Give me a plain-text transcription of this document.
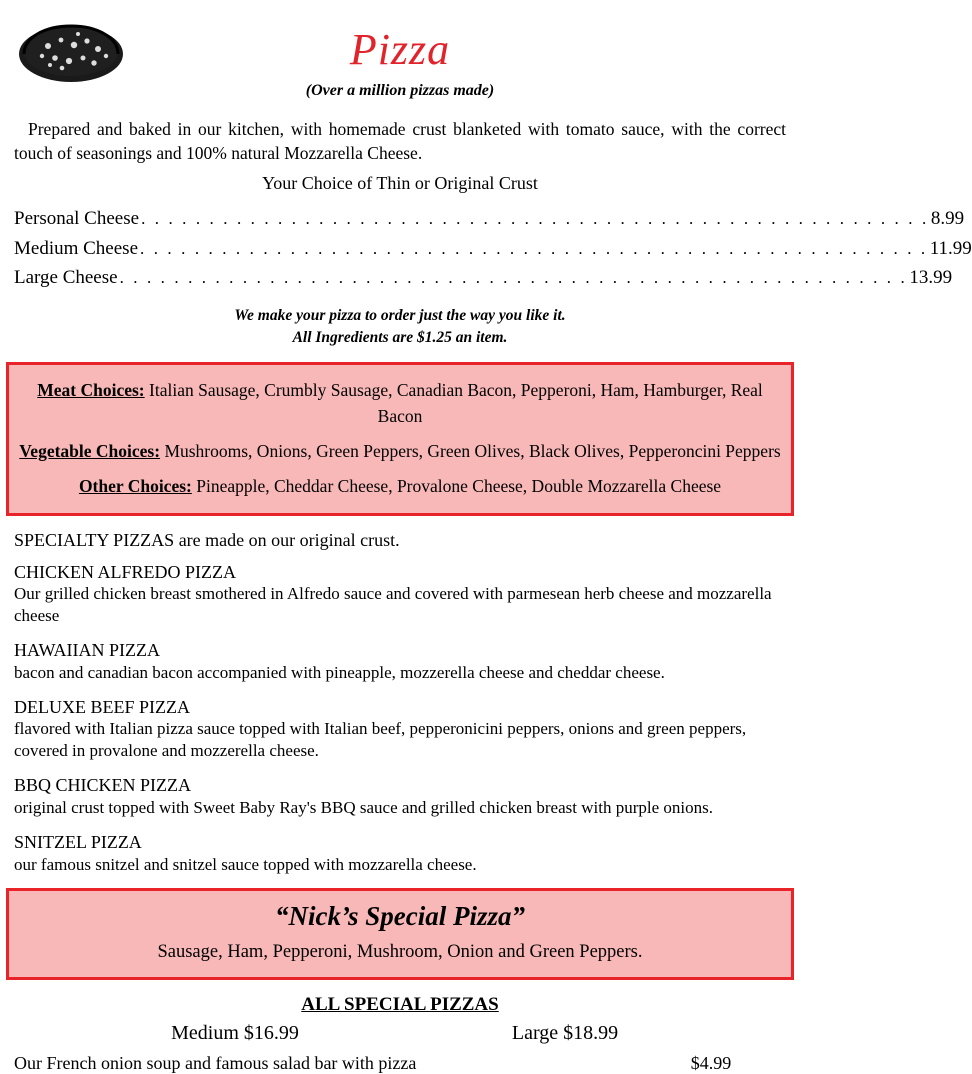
Pizza
(Over a million pizzas made)
Prepared and baked in our kitchen, with homemade crust blanketed with tomato sauce, with the correct touch of seasonings and 100% natural Mozzarella Cheese.
Your Choice of Thin or Original Crust
Personal Cheese . . . . . . . . . . . . . . . . . . . . . . . . . . . . . . . . . . . . . . . . . . . . . . . . . . . . . . . . . . 8.99
Medium Cheese . . . . . . . . . . . . . . . . . . . . . . . . . . . . . . . . . . . . . . . . . . . . . . . . . . . . . . . . . . 11.99
Large Cheese . . . . . . . . . . . . . . . . . . . . . . . . . . . . . . . . . . . . . . . . . . . . . . . . . . . . . . . . . . 13.99
We make your pizza to order just the way you like it.
All Ingredients are $1.25 an item.
Meat Choices: Italian Sausage, Crumbly Sausage, Canadian Bacon, Pepperoni, Ham, Hamburger, Real Bacon
Vegetable Choices: Mushrooms, Onions, Green Peppers, Green Olives, Black Olives, Pepperoncini Peppers
Other Choices: Pineapple, Cheddar Cheese, Provalone Cheese, Double Mozzarella Cheese
SPECIALTY PIZZAS are made on our original crust.
CHICKEN ALFREDO PIZZA
Our grilled chicken breast smothered in Alfredo sauce and covered with parmesean herb cheese and mozzarella cheese
HAWAIIAN PIZZA
bacon and canadian bacon accompanied with pineapple, mozzerella cheese and cheddar cheese.
DELUXE BEEF PIZZA
flavored with Italian pizza sauce topped with Italian beef, pepperonicini peppers, onions and green peppers, covered in provalone and mozzerella cheese.
BBQ CHICKEN PIZZA
original crust topped with Sweet Baby Ray's BBQ sauce and grilled chicken breast with purple onions.
SNITZEL PIZZA
our famous snitzel and snitzel sauce topped with mozzarella cheese.
“Nick’s Special Pizza”
Sausage, Ham, Pepperoni, Mushroom, Onion and Green Peppers.
ALL SPECIAL PIZZAS
Medium $16.99	Large $18.99
Our French onion soup and famous salad bar with pizza	$4.99
